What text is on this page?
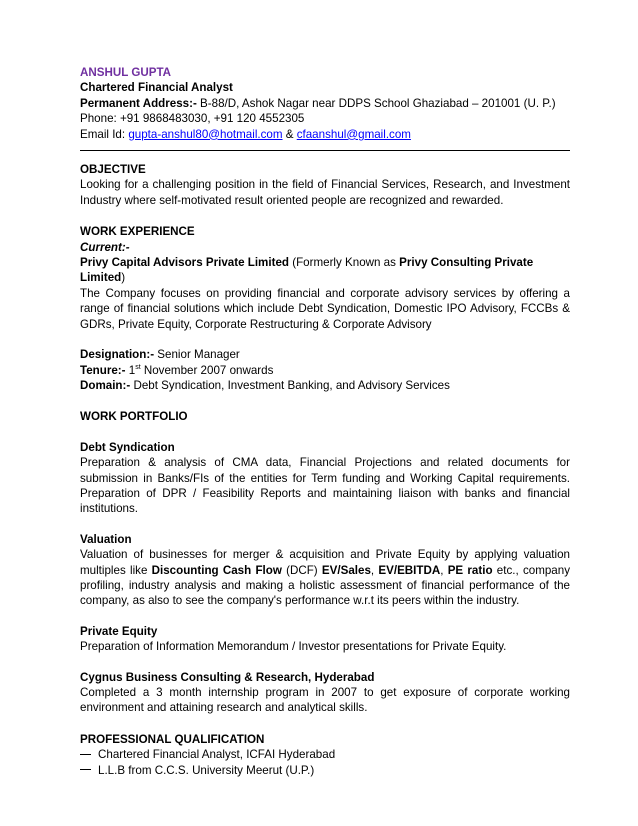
ANSHUL GUPTA
Chartered Financial Analyst
Permanent Address:- B-88/D, Ashok Nagar near DDPS School Ghaziabad – 201001 (U. P.)
Phone: +91 9868483030, +91 120 4552305
Email Id: gupta-anshul80@hotmail.com & cfaanshul@gmail.com
OBJECTIVE
Looking for a challenging position in the field of Financial Services, Research, and Investment Industry where self-motivated result oriented people are recognized and rewarded.
WORK EXPERIENCE
Current:-
Privy Capital Advisors Private Limited (Formerly Known as Privy Consulting Private Limited)
The Company focuses on providing financial and corporate advisory services by offering a range of financial solutions which include Debt Syndication, Domestic IPO Advisory, FCCBs & GDRs, Private Equity, Corporate Restructuring & Corporate Advisory
Designation:- Senior Manager
Tenure:- 1st November 2007 onwards
Domain:- Debt Syndication, Investment Banking, and Advisory Services
WORK PORTFOLIO
Debt Syndication
Preparation & analysis of CMA data, Financial Projections and related documents for submission in Banks/FIs of the entities for Term funding and Working Capital requirements. Preparation of DPR / Feasibility Reports and maintaining liaison with banks and financial institutions.
Valuation
Valuation of businesses for merger & acquisition and Private Equity by applying valuation multiples like Discounting Cash Flow (DCF) EV/Sales, EV/EBITDA, PE ratio etc., company profiling, industry analysis and making a holistic assessment of financial performance of the company, as also to see the company's performance w.r.t its peers within the industry.
Private Equity
Preparation of Information Memorandum / Investor presentations for Private Equity.
Cygnus Business Consulting & Research, Hyderabad
Completed a 3 month internship program in 2007 to get exposure of corporate working environment and attaining research and analytical skills.
PROFESSIONAL QUALIFICATION
Chartered Financial Analyst, ICFAI Hyderabad
L.L.B from C.C.S. University Meerut (U.P.)
